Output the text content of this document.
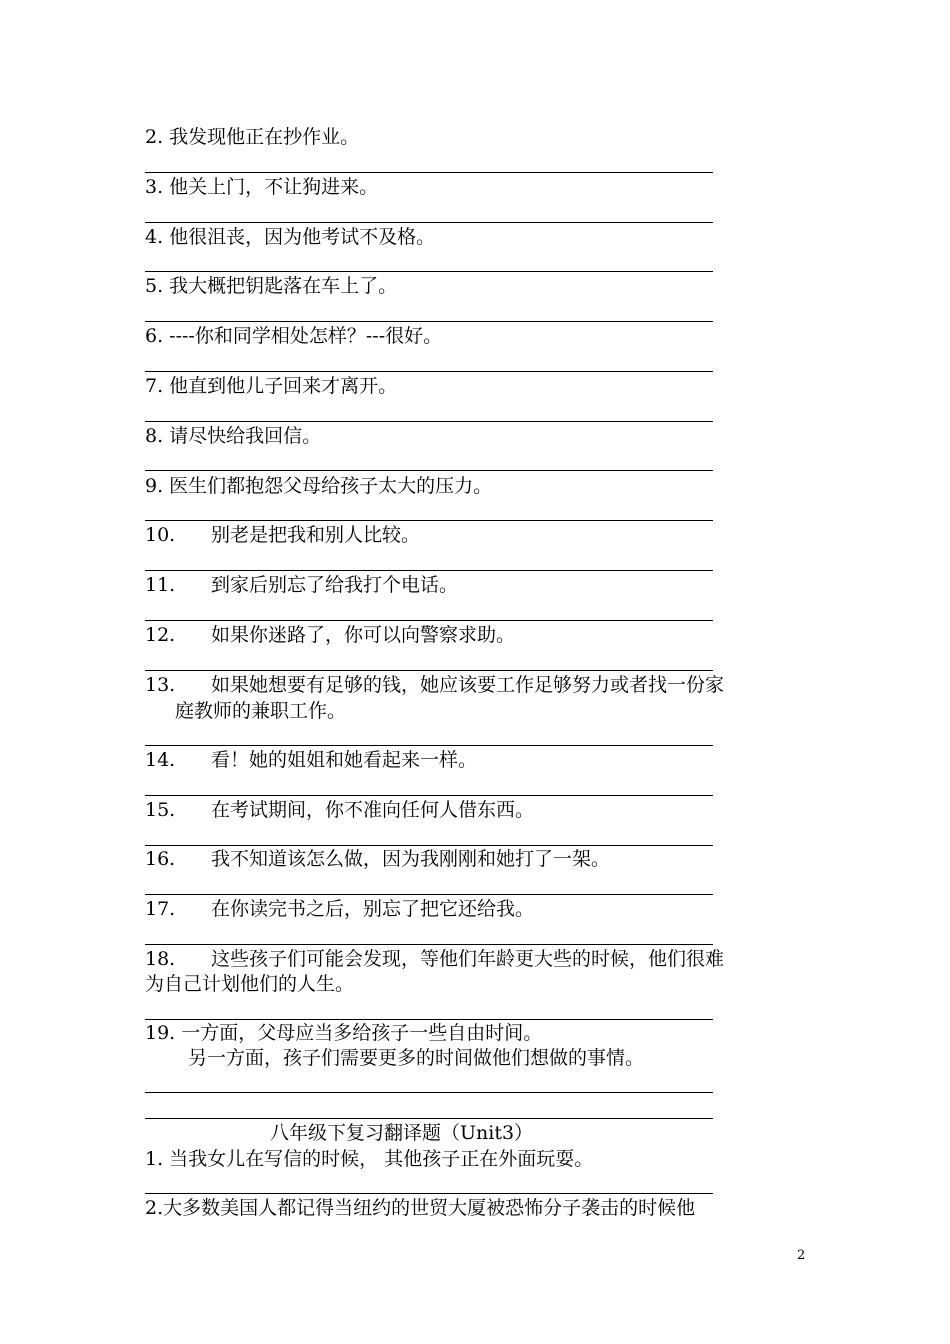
2. 我发现他正在抄作业。
3. 他关上门，不让狗进来。
4. 他很沮丧，因为他考试不及格。
5. 我大概把钥匙落在车上了。
6. ----你和同学相处怎样？---很好。
7. 他直到他儿子回来才离开。
8. 请尽快给我回信。
9. 医生们都抱怨父母给孩子太大的压力。
10. 别老是把我和别人比较。
11. 到家后别忘了给我打个电话。
12. 如果你迷路了，你可以向警察求助。
13. 如果她想要有足够的钱，她应该要工作足够努力或者找一份家
庭教师的兼职工作。
14. 看！她的姐姐和她看起来一样。
15. 在考试期间，你不准向任何人借东西。
16. 我不知道该怎么做，因为我刚刚和她打了一架。
17. 在你读完书之后，别忘了把它还给我。
18. 这些孩子们可能会发现，等他们年龄更大些的时候，他们很难
为自己计划他们的人生。
19. 一方面，父母应当多给孩子一些自由时间。
另一方面，孩子们需要更多的时间做他们想做的事情。
八年级下复习翻译题（Unit3）
1. 当我女儿在写信的时候， 其他孩子正在外面玩耍。
2.大多数美国人都记得当纽约的世贸大厦被恐怖分子袭击的时候他
2
